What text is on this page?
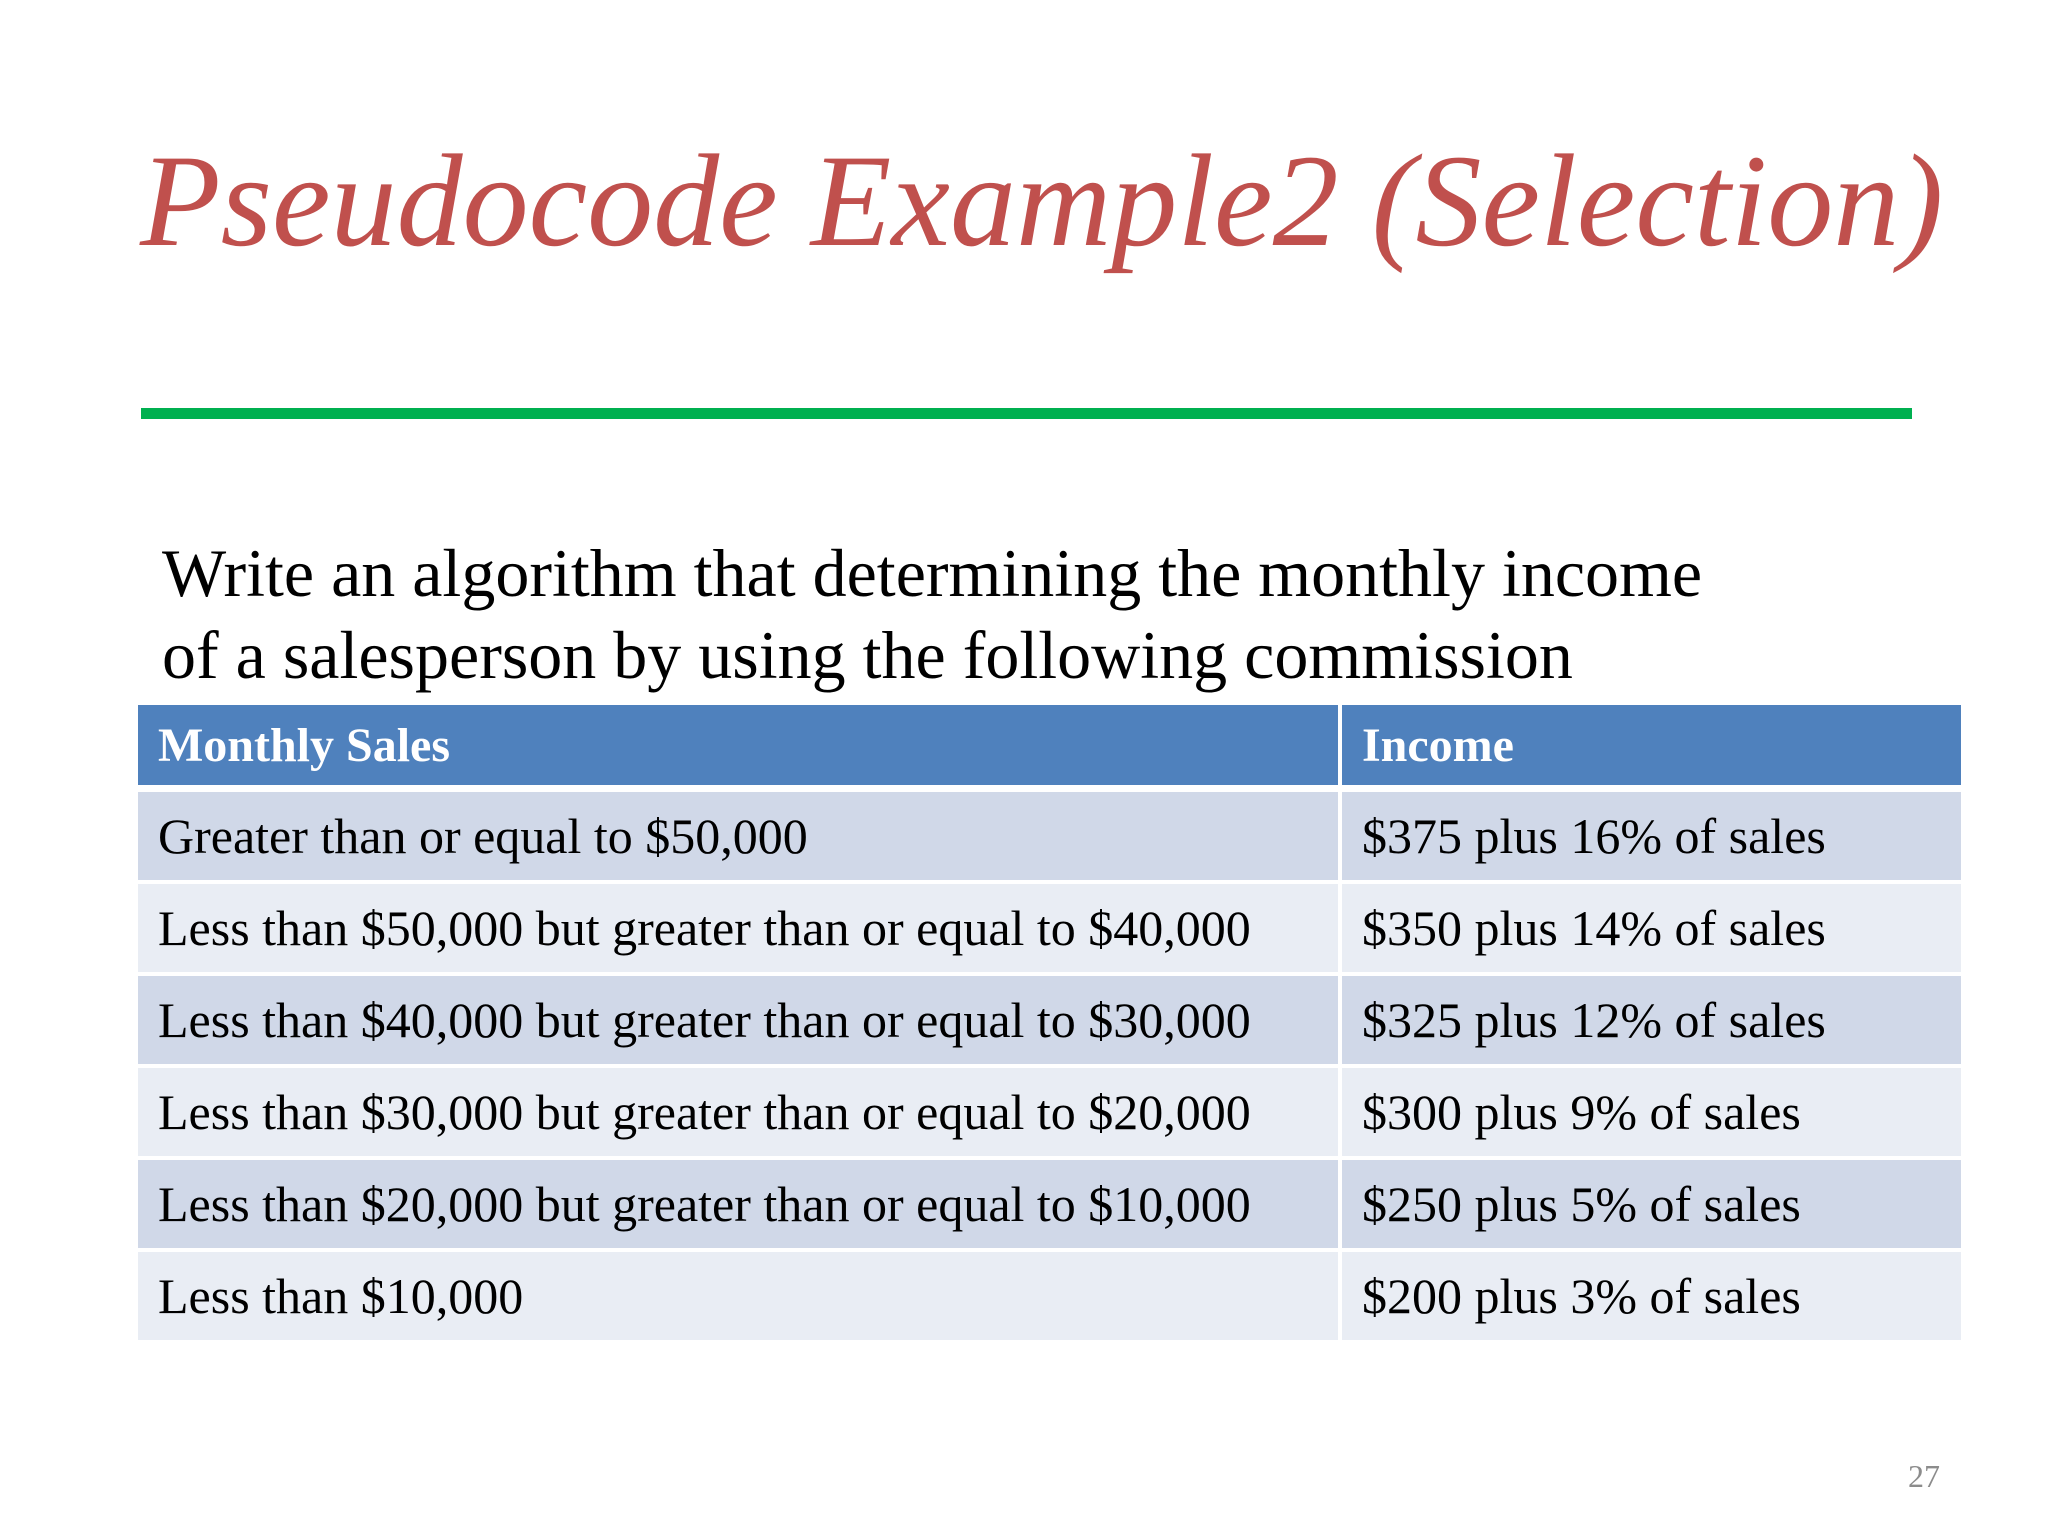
Pseudocode Example2 (Selection)

Write an algorithm that determining the monthly income
of a salesperson by using the following commission

Monthly Sales	Income
Greater than or equal to $50,000	$375 plus 16% of sales
Less than $50,000 but greater than or equal to $40,000	$350 plus 14% of sales
Less than $40,000 but greater than or equal to $30,000	$325 plus 12% of sales
Less than $30,000 but greater than or equal to $20,000	$300 plus 9% of sales
Less than $20,000 but greater than or equal to $10,000	$250 plus 5% of sales
Less than $10,000	$200 plus 3% of sales
27
